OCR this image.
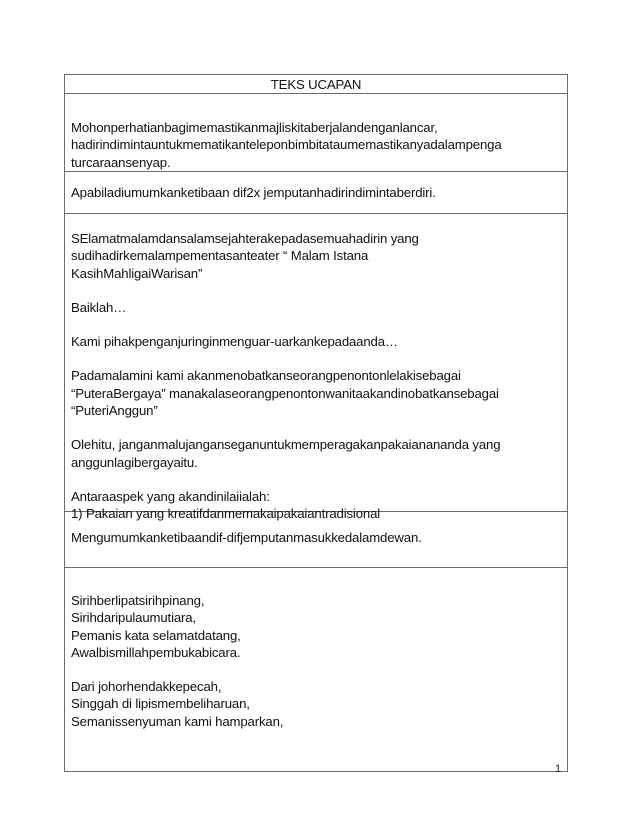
TEKS UCAPAN
Mohonperhatianbagimemastikanmajliskitaberjalandenganlancar,
hadirindimintauntukmematikanteleponbimbitataumemastikanyadalampenga
turcaraansenyap.
Apabiladiumumkanketibaan dif2x jemputanhadirindimintaberdiri.
SElamatmalamdansalamsejahterakepadasemuahadirin yang
sudihadirkemalampementasanteater “ Malam Istana
KasihMahligaiWarisan”
Baiklah…
Kami pihakpenganjuringinmenguar-uarkankepadaanda…
Padamalamini kami akanmenobatkanseorangpenontonlelakisebagai
“PuteraBergaya” manakalaseorangpenontonwanitaakandinobatkansebagai
“PuteriAnggun”
Olehitu, janganmalujanganseganuntukmemperagakanpakaianananda yang
anggunlagibergayaitu.
Antaraaspek yang akandinilaiialah:
1) Pakaian yang kreatifdanmemakaipakaiantradisional
Mengumumkanketibaandif-difjemputanmasukkedalamdewan.
Sirihberlipatsirihpinang,
Sirihdaripulaumutiara,
Pemanis kata selamatdatang,
Awalbismillahpembukabicara.
Dari johorhendakkepecah,
Singgah di lipismembeliharuan,
Semanissenyuman kami hamparkan,
1
